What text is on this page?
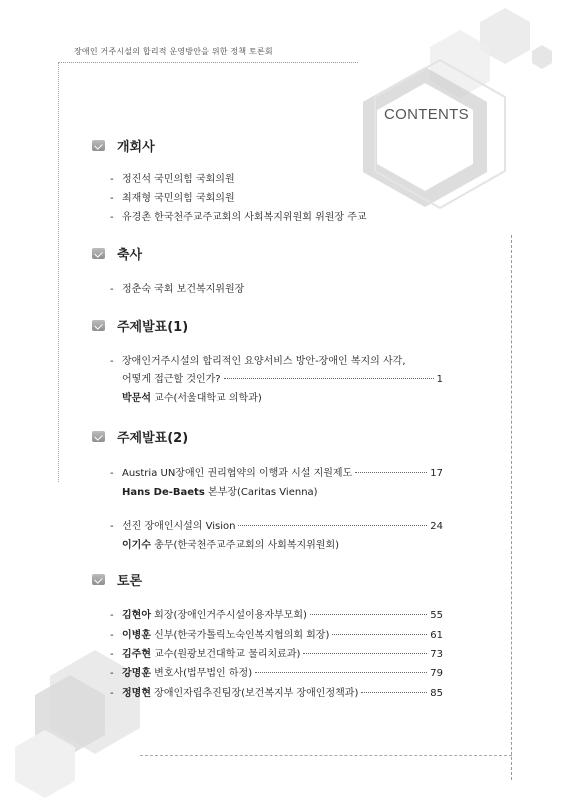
장애인 거주시설의 합리적 운영방안을 위한 정책 토론회
CONTENTS
개회사
- 정진석 국민의힘 국회의원
- 최재형 국민의힘 국회의원
- 유경촌 한국천주교주교회의 사회복지위원회 위원장 주교
축사
- 정춘숙 국회 보건복지위원장
주제발표(1)
- 장애인거주시설의 합리적인 요양서비스 방안-장애인 복지의 사각,
어떻게 접근할 것인가?	1
박문석 교수(서울대학교 의학과)
주제발표(2)
- Austria UN장애인 권리협약의 이행과 시설 지원제도	17
Hans De-Baets 본부장(Caritas Vienna)
- 선진 장애인시설의 Vision	24
이기수 총무(한국천주교주교회의 사회복지위원회)
토론
- 김현아 회장(장애인거주시설이용자부모회)	55
- 이병훈 신부(한국가톨릭노숙인복지협의회 회장)	61
- 김주현 교수(원광보건대학교 물리치료과)	73
- 강명훈 변호사(법무법인 하정)	79
- 정명현 장애인자립추진팀장(보건복지부 장애인정책과)	85
